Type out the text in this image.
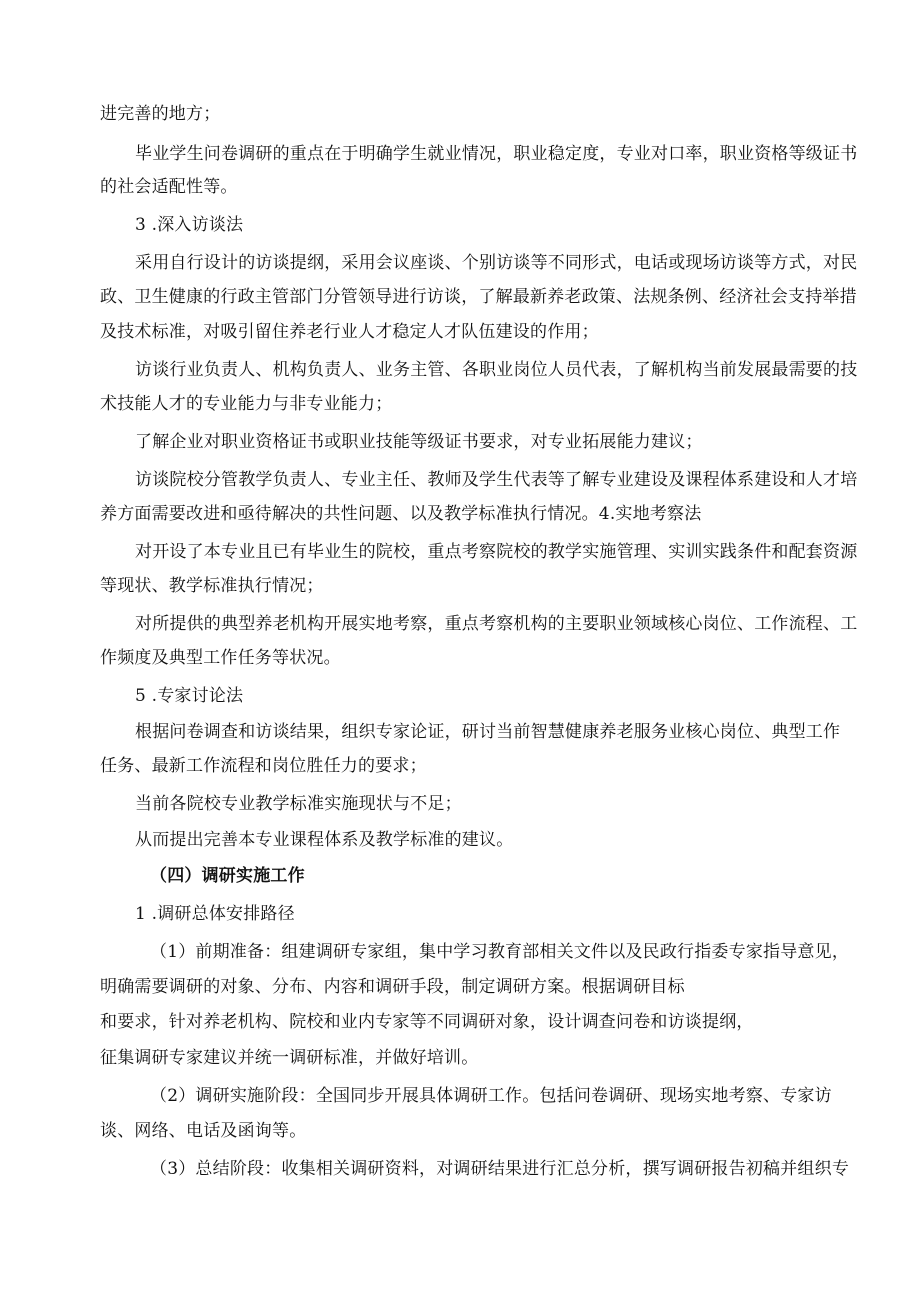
进完善的地方；
毕业学生问卷调研的重点在于明确学生就业情况，职业稳定度，专业对口率，职业资格等级证书
的社会适配性等。
3 .深入访谈法
采用自行设计的访谈提纲，采用会议座谈、个别访谈等不同形式，电话或现场访谈等方式，对民
政、卫生健康的行政主管部门分管领导进行访谈，了解最新养老政策、法规条例、经济社会支持举措
及技术标准，对吸引留住养老行业人才稳定人才队伍建设的作用；
访谈行业负责人、机构负责人、业务主管、各职业岗位人员代表，了解机构当前发展最需要的技
术技能人才的专业能力与非专业能力；
了解企业对职业资格证书或职业技能等级证书要求，对专业拓展能力建议；
访谈院校分管教学负责人、专业主任、教师及学生代表等了解专业建设及课程体系建设和人才培
养方面需要改进和亟待解决的共性问题、以及教学标准执行情况。4.实地考察法
对开设了本专业且已有毕业生的院校，重点考察院校的教学实施管理、实训实践条件和配套资源
等现状、教学标准执行情况；
对所提供的典型养老机构开展实地考察，重点考察机构的主要职业领域核心岗位、工作流程、工
作频度及典型工作任务等状况。
5 .专家讨论法
根据问卷调查和访谈结果，组织专家论证，研讨当前智慧健康养老服务业核心岗位、典型工作
任务、最新工作流程和岗位胜任力的要求；
当前各院校专业教学标准实施现状与不足；
从而提出完善本专业课程体系及教学标准的建议。
（四）调研实施工作
1 .调研总体安排路径
（1）前期准备：组建调研专家组，集中学习教育部相关文件以及民政行指委专家指导意见，
明确需要调研的对象、分布、内容和调研手段，制定调研方案。根据调研目标
和要求，针对养老机构、院校和业内专家等不同调研对象，设计调查问卷和访谈提纲，
征集调研专家建议并统一调研标准，并做好培训。
（2）调研实施阶段：全国同步开展具体调研工作。包括问卷调研、现场实地考察、专家访
谈、网络、电话及函询等。
（3）总结阶段：收集相关调研资料，对调研结果进行汇总分析，撰写调研报告初稿并组织专
